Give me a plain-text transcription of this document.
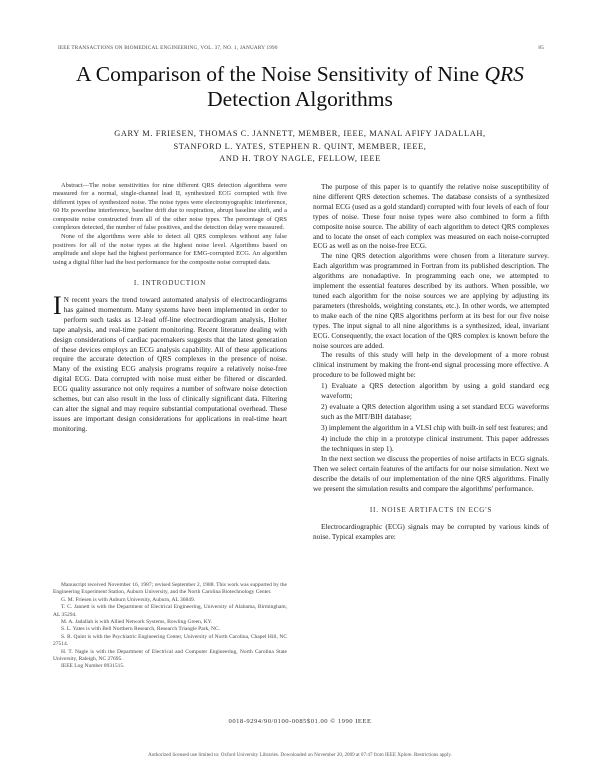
IEEE TRANSACTIONS ON BIOMEDICAL ENGINEERING, VOL. 37, NO. 1, JANUARY 1990	85
A Comparison of the Noise Sensitivity of Nine QRS
Detection Algorithms
GARY M. FRIESEN, THOMAS C. JANNETT, MEMBER, IEEE, MANAL AFIFY JADALLAH,
STANFORD L. YATES, STEPHEN R. QUINT, MEMBER, IEEE,
AND H. TROY NAGLE, FELLOW, IEEE

Abstract—The noise sensitivities for nine different QRS detection algorithms were measured for a normal, single-channel lead II, synthesized ECG corrupted with five different types of synthesized noise. The noise types were electromyographic interference, 60 Hz powerline interference, baseline drift due to respiration, abrupt baseline shift, and a composite noise constructed from all of the other noise types. The percentage of QRS complexes detected, the number of false positives, and the detection delay were measured.

None of the algorithms were able to detect all QRS complexes without any false positives for all of the noise types at the highest noise level. Algorithms based on amplitude and slope had the highest performance for EMG-corrupted ECG. An algorithm using a digital filter had the best performance for the composite noise corrupted data.

I. INTRODUCTION

I N recent years the trend toward automated analysis of electrocardiograms has gained momentum. Many systems have been implemented in order to perform such tasks as 12-lead off-line electrocardiogram analysis, Holter tape analysis, and real-time patient monitoring. Recent literature dealing with design considerations of cardiac pacemakers suggests that the latest generation of these devices employs an ECG analysis capability. All of these applications require the accurate detection of QRS complexes in the presence of noise. Many of the existing ECG analysis programs require a relatively noise-free digital ECG. Data corrupted with noise must either be filtered or discarded. ECG quality assurance not only requires a number of software noise detection schemes, but can also result in the loss of clinically significant data. Filtering can alter the signal and may require substantial computational overhead. These issues are important design considerations for applications in real-time heart monitoring.

Manuscript received November 16, 1987; revised September 2, 1988. This work was supported by the Engineering Experiment Station, Auburn University, and the North Carolina Biotechnology Center.

G. M. Friesen is with Auburn University, Auburn, AL 36849.

T. C. Jannett is with the Department of Electrical Engineering, University of Alabama, Birmingham, AL 35294.

M. A. Jadallah is with Allied Network Systems, Bowling Green, KY.

S. L. Yates is with Bell Northern Research, Research Triangle Park, NC.

S. R. Quint is with the Psychiatric Engineering Center, University of North Carolina, Chapel Hill, NC 27514.

H. T. Nagle is with the Department of Electrical and Computer Engineering, North Carolina State University, Raleigh, NC 27695.

IEEE Log Number 8931515.

The purpose of this paper is to quantify the relative noise susceptibility of nine different QRS detection schemes. The database consists of a synthesized normal ECG (used as a gold standard) corrupted with four levels of each of four types of noise. These four noise types were also combined to form a fifth composite noise source. The ability of each algorithm to detect QRS complexes and to locate the onset of each complex was measured on each noise-corrupted ECG as well as on the noise-free ECG.

The nine QRS detection algorithms were chosen from a literature survey. Each algorithm was programmed in Fortran from its published description. The algorithms are nonadaptive. In programming each one, we attempted to implement the essential features described by its authors. When possible, we tuned each algorithm for the noise sources we are applying by adjusting its parameters (thresholds, weighting constants, etc.). In other words, we attempted to make each of the nine QRS algorithms perform at its best for our five noise types. The input signal to all nine algorithms is a synthesized, ideal, invariant ECG. Consequently, the exact location of the QRS complex is known before the noise sources are added.

The results of this study will help in the development of a more robust clinical instrument by making the front-end signal processing more effective. A procedure to be followed might be:

1) Evaluate a QRS detection algorithm by using a gold standard ecg waveform;

2) evaluate a QRS detection algorithm using a set standard ECG waveforms such as the MIT/BIH database;

3) implement the algorithm in a VLSI chip with built-in self test features; and

4) include the chip in a prototype clinical instrument. This paper addresses the techniques in step 1).

In the next section we discuss the properties of noise artifacts in ECG signals. Then we select certain features of the artifacts for our noise simulation. Next we describe the details of our implementation of the nine QRS algorithms. Finally we present the simulation results and compare the algorithms' performance.

II. NOISE ARTIFACTS IN ECG'S

Electrocardiographic (ECG) signals may be corrupted by various kinds of noise. Typical examples are:

0018-9294/90/0100-0085$01.00 © 1990 IEEE
Authorized licensed use limited to: Oxford University Libraries. Downloaded on November 20, 2009 at 07:47 from IEEE Xplore. Restrictions apply.
